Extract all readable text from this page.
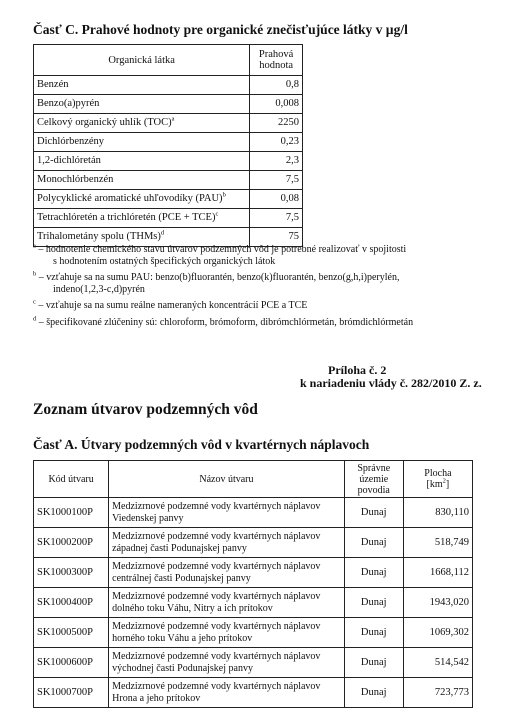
Časť C. Prahové hodnoty pre organické znečisťujúce látky v µg/l
Organická látka	Prahová hodnota
Benzén	0,8
Benzo(a)pyrén	0,008
Celkový organický uhlík (TOC)$^a$	2250
Dichlórbenzény	0,23
1,2-dichlóretán	2,3
Monochlórbenzén	7,5
Polycyklické aromatické uhľovodíky (PAU)$^b$	0,08
Tetrachlóretén a trichlóretén (PCE + TCE)$^c$	7,5
Trihalometány spolu (THMs)$^d$	75
$^a$ – hodnotenie chemického stavu útvarov podzemných vôd je potrebné realizovať v spojitosti
s hodnotením ostatných špecifických organických látok
$^b$ – vzťahuje sa na sumu PAU: benzo(b)fluorantén, benzo(k)fluorantén, benzo(g,h,i)perylén,
indeno(1,2,3-c,d)pyrén
$^c$ – vzťahuje sa na sumu reálne nameraných koncentrácií PCE a TCE
$^d$ – špecifikované zlúčeniny sú: chloroform, brómoform, dibrómchlórmetán, brómdichlórmetán
Príloha č. 2
k nariadeniu vlády č. 282/2010 Z. z.
Zoznam útvarov podzemných vôd
Časť A. Útvary podzemných vôd v kvartérnych náplavoch
Kód útvaru	Názov útvaru	Správne územie povodia	Plocha
$[km^2]$
SK1000100P	Medzizrnové podzemné vody kvartérnych náplavov Viedenskej panvy	Dunaj	830,110
SK1000200P	Medzizrnové podzemné vody kvartérnych náplavov západnej časti Podunajskej panvy	Dunaj	518,749
SK1000300P	Medzizrnové podzemné vody kvartérnych náplavov centrálnej časti Podunajskej panvy	Dunaj	1668,112
SK1000400P	Medzizrnové podzemné vody kvartérnych náplavov dolného toku Váhu, Nitry a ich prítokov	Dunaj	1943,020
SK1000500P	Medzizrnové podzemné vody kvartérnych náplavov horného toku Váhu a jeho prítokov	Dunaj	1069,302
SK1000600P	Medzizrnové podzemné vody kvartérnych náplavov východnej časti Podunajskej panvy	Dunaj	514,542
SK1000700P	Medzizrnové podzemné vody kvartérnych náplavov Hrona a jeho prítokov	Dunaj	723,773
